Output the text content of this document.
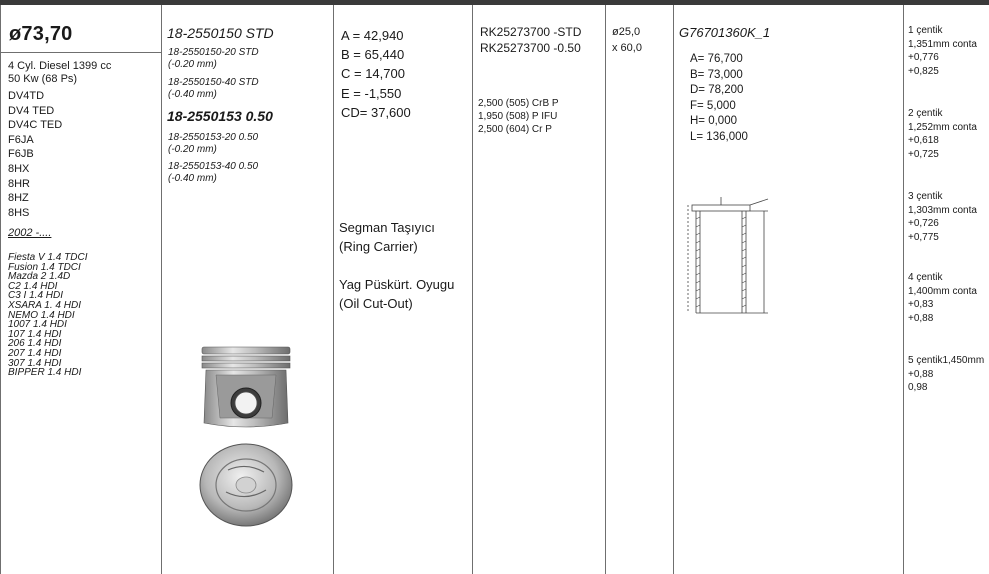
ø73,70
4 Cyl. Diesel 1399 cc
50 Kw (68 Ps)
DV4TD
DV4 TED
DV4C TED
F6JA
F6JB
8HX
8HR
8HZ
8HS
2002 -....
Fiesta V 1.4 TDCI
Fusion 1.4 TDCI
Mazda 2 1.4D
C2 1.4 HDI
C3 I 1.4 HDI
XSARA 1. 4 HDI
NEMO 1.4 HDI
1007 1.4 HDI
107 1.4 HDI
206 1.4 HDI
207 1.4 HDI
307 1.4 HDI
BIPPER 1.4 HDI
18-2550150 STD
18-2550150-20 STD
(-0.20 mm)
18-2550150-40 STD
(-0.40 mm)
18-2550153 0.50
18-2550153-20 0.50
(-0.20 mm)
18-2550153-40 0.50
(-0.40 mm)
A = 42,940
B = 65,440
C = 14,700
E = -1,550
CD= 37,600
Segman Taşıyıcı
(Ring Carrier)
Yag Püskürt. Oyugu
(Oil Cut-Out)
RK25273700 -STD
RK25273700 -0.50
2,500 (505) CrB P
1,950 (508) P IFU
2,500 (604) Cr P
ø25,0
x 60,0
G76701360K_1
A= 76,700
B= 73,000
D= 78,200
F= 5,000
H= 0,000
L= 136,000
1 çentik
1,351mm conta
+0,776
+0,825
2 çentik
1,252mm conta
+0,618
+0,725
3 çentik
1,303mm conta
+0,726
+0,775
4 çentik
1,400mm conta
+0,83
+0,88
5 çentik1,450mm
+0,88
0,98
